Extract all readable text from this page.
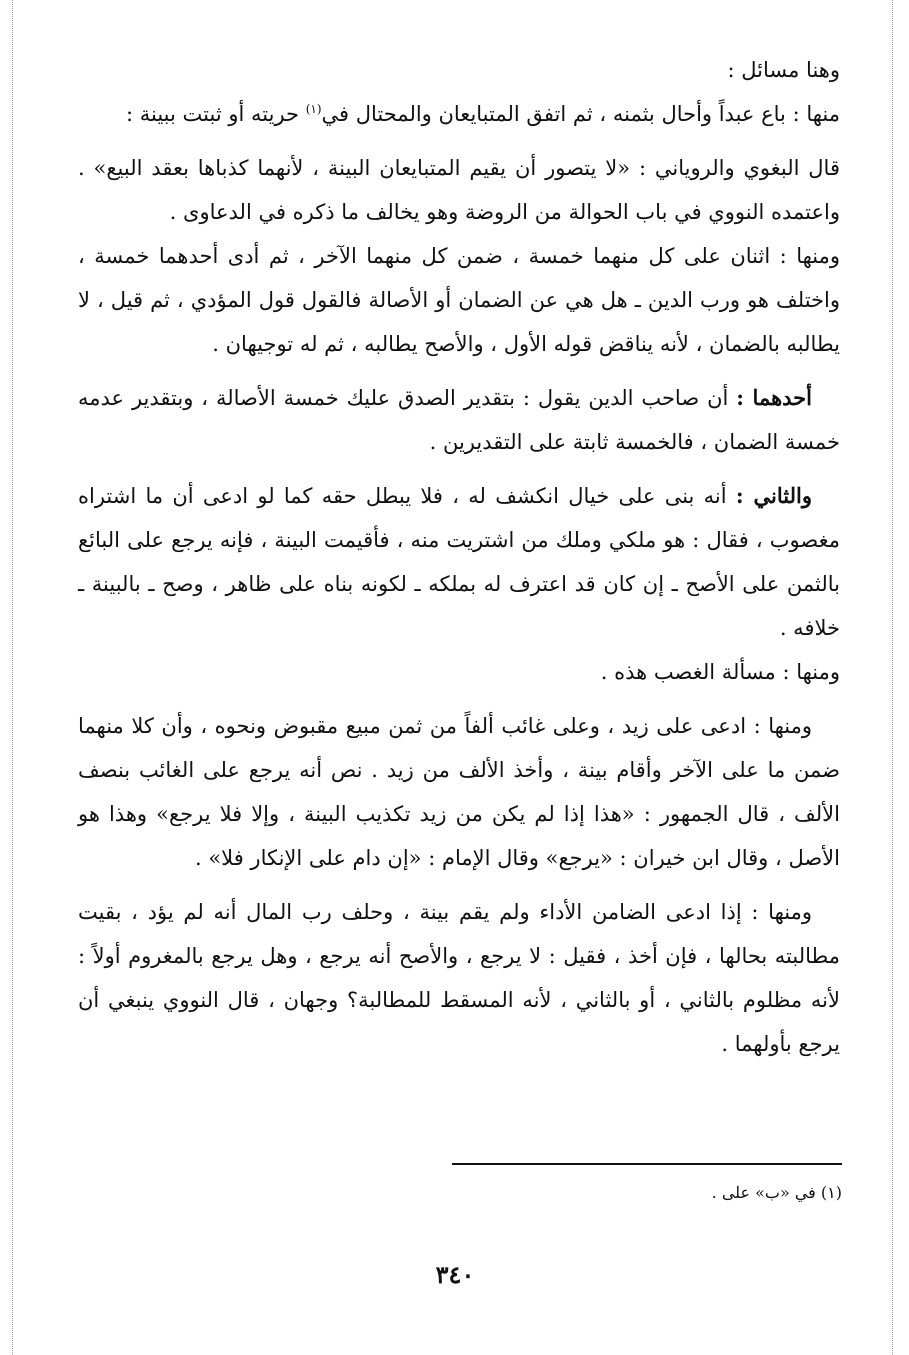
وهنا مسائل :

منها : باع عبداً وأحال بثمنه ، ثم اتفق المتبايعان والمحتال في$^{(١)}$ حريته أو ثبتت ببينة :

قال البغوي والروياني : «لا يتصور أن يقيم المتبايعان البينة ، لأنهما كذباها بعقد البيع» . واعتمده النووي في باب الحوالة من الروضة وهو يخالف ما ذكره في الدعاوى .

ومنها : اثنان على كل منهما خمسة ، ضمن كل منهما الآخر ، ثم أدى أحدهما خمسة ، واختلف هو ورب الدين ـ هل هي عن الضمان أو الأصالة فالقول قول المؤدي ، ثم قيل ، لا يطالبه بالضمان ، لأنه يناقض قوله الأول ، والأصح يطالبه ، ثم له توجيهان .

أحدهما : أن صاحب الدين يقول : بتقدير الصدق عليك خمسة الأصالة ، وبتقدير عدمه خمسة الضمان ، فالخمسة ثابتة على التقديرين .

والثاني : أنه بنى على خيال انكشف له ، فلا يبطل حقه كما لو ادعى أن ما اشتراه مغصوب ، فقال : هو ملكي وملك من اشتريت منه ، فأقيمت البينة ، فإنه يرجع على البائع بالثمن على الأصح ـ إن كان قد اعترف له بملكه ـ لكونه بناه على ظاهر ، وصح ـ بالبينة ـ خلافه .

ومنها : مسألة الغصب هذه .

ومنها : ادعى على زيد ، وعلى غائب ألفاً من ثمن مبيع مقبوض ونحوه ، وأن كلا منهما ضمن ما على الآخر وأقام بينة ، وأخذ الألف من زيد . نص أنه يرجع على الغائب بنصف الألف ، قال الجمهور : «هذا إذا لم يكن من زيد تكذيب البينة ، وإلا فلا يرجع» وهذا هو الأصل ، وقال ابن خيران : «يرجع» وقال الإمام : «إن دام على الإنكار فلا» .

ومنها : إذا ادعى الضامن الأداء ولم يقم بينة ، وحلف رب المال أنه لم يؤد ، بقيت مطالبته بحالها ، فإن أخذ ، فقيل : لا يرجع ، والأصح أنه يرجع ، وهل يرجع بالمغروم أولاً : لأنه مظلوم بالثاني ، أو بالثاني ، لأنه المسقط للمطالبة؟ وجهان ، قال النووي ينبغي أن يرجع بأولهما .

(١) في «ب» على .
٣٤٠
